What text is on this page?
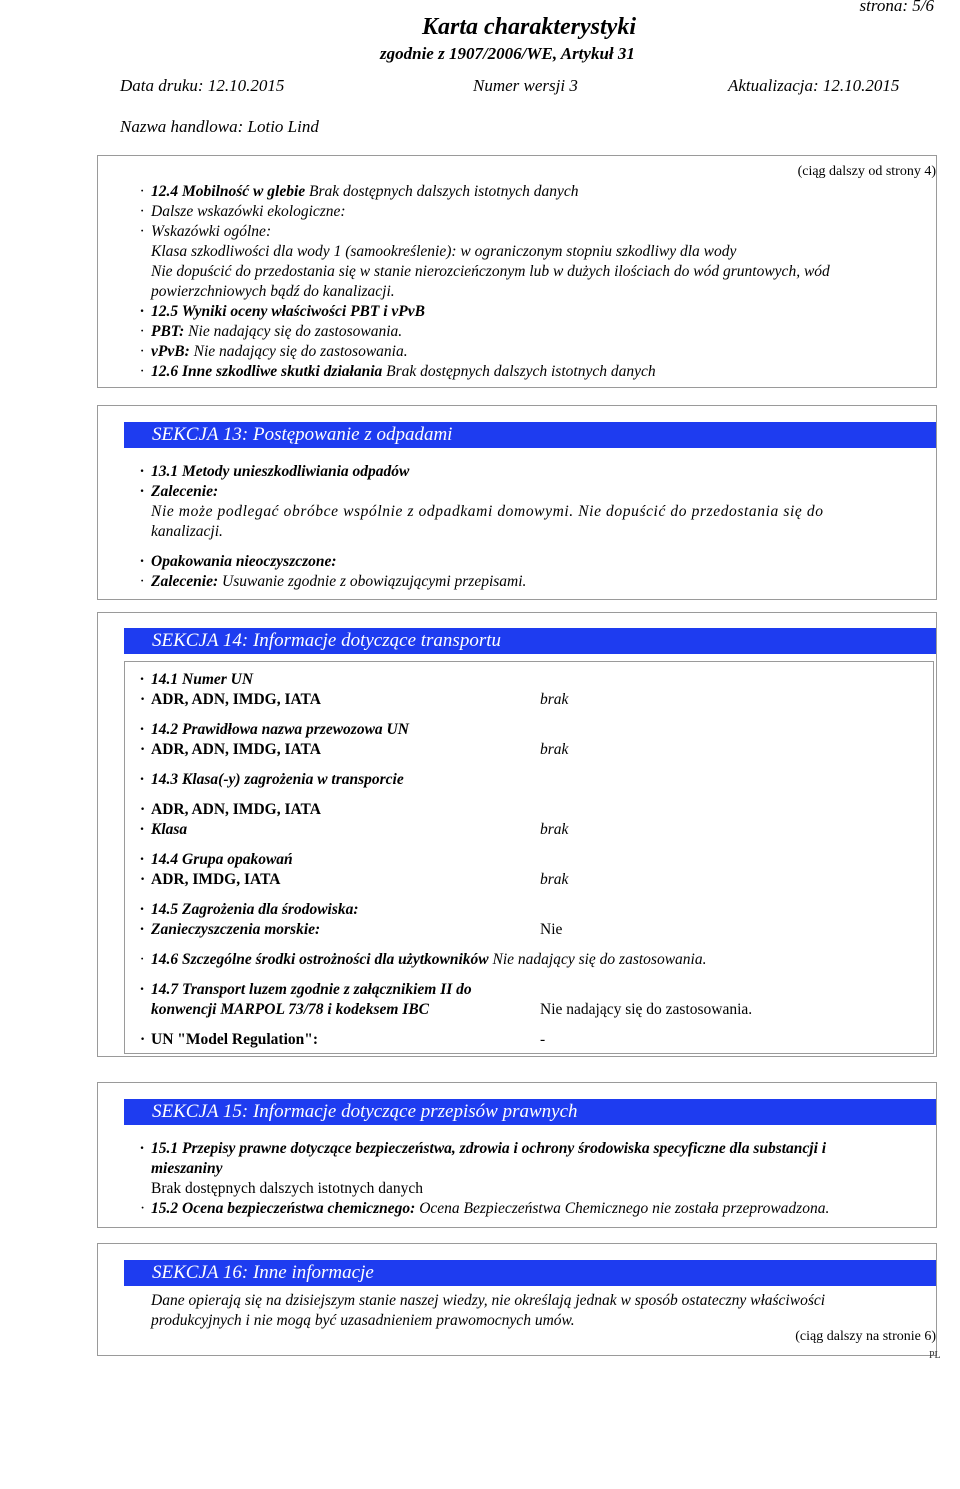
strona: 5/6
Karta charakterystyki
zgodnie z 1907/2006/WE, Artykuł 31
Data druku: 12.10.2015	Numer wersji 3	Aktualizacja: 12.10.2015
Nazwa handlowa: Lotio Lind
(ciąg dalszy od strony 4)
· 12.4 Mobilność w glebie Brak dostępnych dalszych istotnych danych
· Dalsze wskazówki ekologiczne:
· Wskazówki ogólne:
Klasa szkodliwości dla wody 1 (samookreślenie): w ograniczonym stopniu szkodliwy dla wody
Nie dopuścić do przedostania się w stanie nierozcieńczonym lub w dużych ilościach do wód gruntowych, wód
powierzchniowych bądź do kanalizacji.
· 12.5 Wyniki oceny właściwości PBT i vPvB
· PBT: Nie nadający się do zastosowania.
· vPvB: Nie nadający się do zastosowania.
· 12.6 Inne szkodliwe skutki działania Brak dostępnych dalszych istotnych danych
SEKCJA 13: Postępowanie z odpadami
· 13.1 Metody unieszkodliwiania odpadów
· Zalecenie:
Nie może podlegać obróbce wspólnie z odpadkami domowymi. Nie dopuścić do przedostania się do
kanalizacji.
· Opakowania nieoczyszczone:
· Zalecenie: Usuwanie zgodnie z obowiązującymi przepisami.
SEKCJA 14: Informacje dotyczące transportu
· 14.1 Numer UN
· ADR, ADN, IMDG, IATA	brak
· 14.2 Prawidłowa nazwa przewozowa UN
· ADR, ADN, IMDG, IATA	brak
· 14.3 Klasa(-y) zagrożenia w transporcie
· ADR, ADN, IMDG, IATA
· Klasa	brak
· 14.4 Grupa opakowań
· ADR, IMDG, IATA	brak
· 14.5 Zagrożenia dla środowiska:
· Zanieczyszczenia morskie:	Nie
· 14.6 Szczególne środki ostrożności dla użytkowników Nie nadający się do zastosowania.
· 14.7 Transport luzem zgodnie z załącznikiem II do
konwencji MARPOL 73/78 i kodeksem IBC	Nie nadający się do zastosowania.
· UN "Model Regulation":	-
SEKCJA 15: Informacje dotyczące przepisów prawnych
· 15.1 Przepisy prawne dotyczące bezpieczeństwa, zdrowia i ochrony środowiska specyficzne dla substancji i
mieszaniny
Brak dostępnych dalszych istotnych danych
· 15.2 Ocena bezpieczeństwa chemicznego: Ocena Bezpieczeństwa Chemicznego nie została przeprowadzona.
SEKCJA 16: Inne informacje
Dane opierają się na dzisiejszym stanie naszej wiedzy, nie określają jednak w sposób ostateczny właściwości
produkcyjnych i nie mogą być uzasadnieniem prawomocnych umów.
(ciąg dalszy na stronie 6)
PL
